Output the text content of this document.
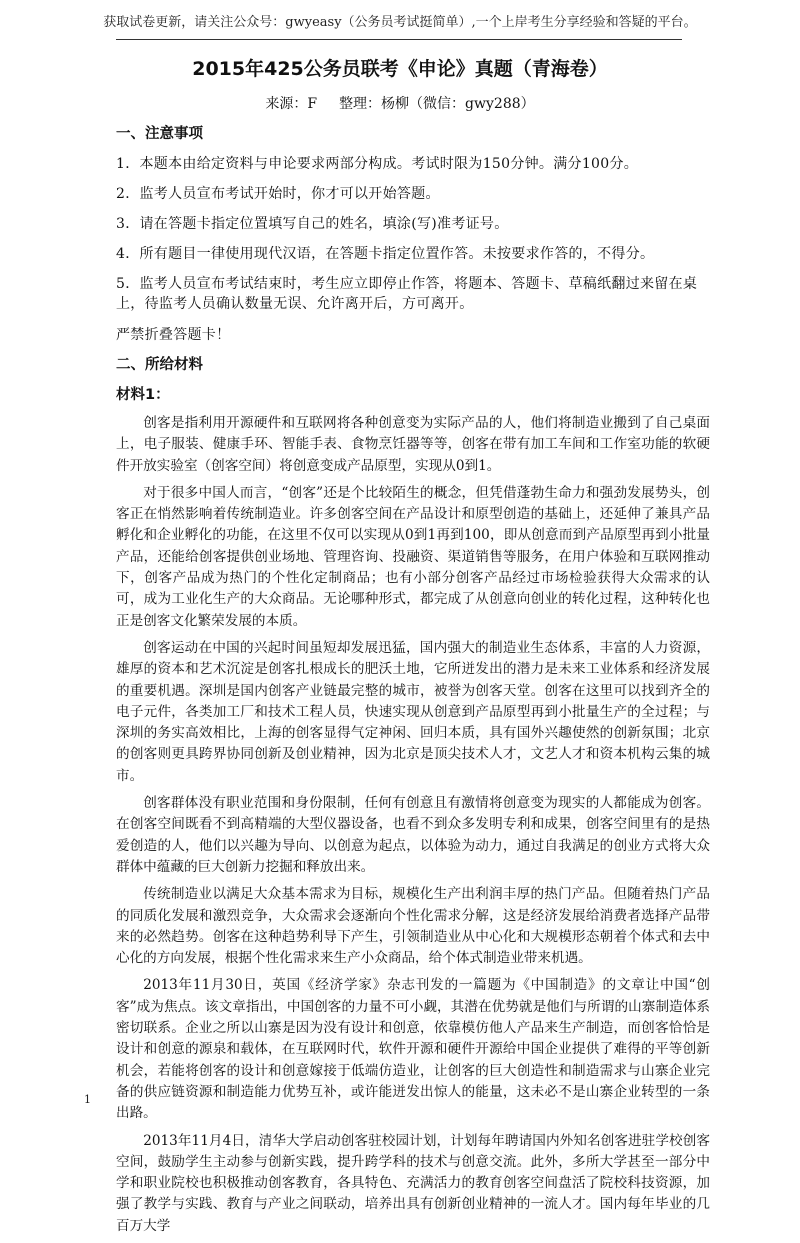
获取试卷更新，请关注公众号：gwyeasy（公务员考试挺简单）,一个上岸考生分享经验和答疑的平台。
2015年425公务员联考《申论》真题（青海卷）
来源：F 整理：杨柳（微信：gwy288）
一、注意事项
1．本题本由给定资料与申论要求两部分构成。考试时限为150分钟。满分100分。
2．监考人员宣布考试开始时，你才可以开始答题。
3．请在答题卡指定位置填写自己的姓名，填涂(写)准考证号。
4．所有题目一律使用现代汉语，在答题卡指定位置作答。未按要求作答的，不得分。
5．监考人员宣布考试结束时，考生应立即停止作答，将题本、答题卡、草稿纸翻过来留在桌上，待监考人员确认数量无误、允许离开后，方可离开。
严禁折叠答题卡！
二、所给材料
材料1：

创客是指利用开源硬件和互联网将各种创意变为实际产品的人，他们将制造业搬到了自己桌面上，电子服装、健康手环、智能手表、食物烹饪器等等，创客在带有加工车间和工作室功能的软硬件开放实验室（创客空间）将创意变成产品原型，实现从0到1。

对于很多中国人而言，“创客”还是个比较陌生的概念，但凭借蓬勃生命力和强劲发展势头，创客正在悄然影响着传统制造业。许多创客空间在产品设计和原型创造的基础上，还延伸了兼具产品孵化和企业孵化的功能，在这里不仅可以实现从0到1再到100，即从创意而到产品原型再到小批量产品，还能给创客提供创业场地、管理咨询、投融资、渠道销售等服务，在用户体验和互联网推动下，创客产品成为热门的个性化定制商品；也有小部分创客产品经过市场检验获得大众需求的认可，成为工业化生产的大众商品。无论哪种形式，都完成了从创意向创业的转化过程，这种转化也正是创客文化繁荣发展的本质。

创客运动在中国的兴起时间虽短却发展迅猛，国内强大的制造业生态体系，丰富的人力资源，雄厚的资本和艺术沉淀是创客扎根成长的肥沃土地，它所迸发出的潜力是未来工业体系和经济发展的重要机遇。深圳是国内创客产业链最完整的城市，被誉为创客天堂。创客在这里可以找到齐全的电子元件，各类加工厂和技术工程人员，快速实现从创意到产品原型再到小批量生产的全过程；与深圳的务实高效相比，上海的创客显得气定神闲、回归本质，具有国外兴趣使然的创新氛围；北京的创客则更具跨界协同创新及创业精神，因为北京是顶尖技术人才，文艺人才和资本机构云集的城市。

创客群体没有职业范围和身份限制，任何有创意且有激情将创意变为现实的人都能成为创客。在创客空间既看不到高精端的大型仪器设备，也看不到众多发明专利和成果，创客空间里有的是热爱创造的人，他们以兴趣为导向、以创意为起点，以体验为动力，通过自我满足的创业方式将大众群体中蕴藏的巨大创新力挖掘和释放出来。

传统制造业以满足大众基本需求为目标，规模化生产出利润丰厚的热门产品。但随着热门产品的同质化发展和激烈竞争，大众需求会逐渐向个性化需求分解，这是经济发展给消费者选择产品带来的必然趋势。创客在这种趋势利导下产生，引领制造业从中心化和大规模形态朝着个体式和去中心化的方向发展，根据个性化需求来生产小众商品，给个体式制造业带来机遇。

2013年11月30日，英国《经济学家》杂志刊发的一篇题为《中国制造》的文章让中国“创客”成为焦点。该文章指出，中国创客的力量不可小觑，其潜在优势就是他们与所谓的山寨制造体系密切联系。企业之所以山寨是因为没有设计和创意，依靠模仿他人产品来生产制造，而创客恰恰是设计和创意的源泉和载体，在互联网时代，软件开源和硬件开源给中国企业提供了难得的平等创新机会，若能将创客的设计和创意嫁接于低端仿造业，让创客的巨大创造性和制造需求与山寨企业完备的供应链资源和制造能力优势互补，或许能迸发出惊人的能量，这未必不是山寨企业转型的一条出路。

2013年11月4日，清华大学启动创客驻校园计划，计划每年聘请国内外知名创客进驻学校创客空间，鼓励学生主动参与创新实践，提升跨学科的技术与创意交流。此外，多所大学甚至一部分中学和职业院校也积极推动创客教育，各具特色、充满活力的教育创客空间盘活了院校科技资源，加强了教学与实践、教育与产业之间联动，培养出具有创新创业精神的一流人才。国内每年毕业的几百万大学

1
